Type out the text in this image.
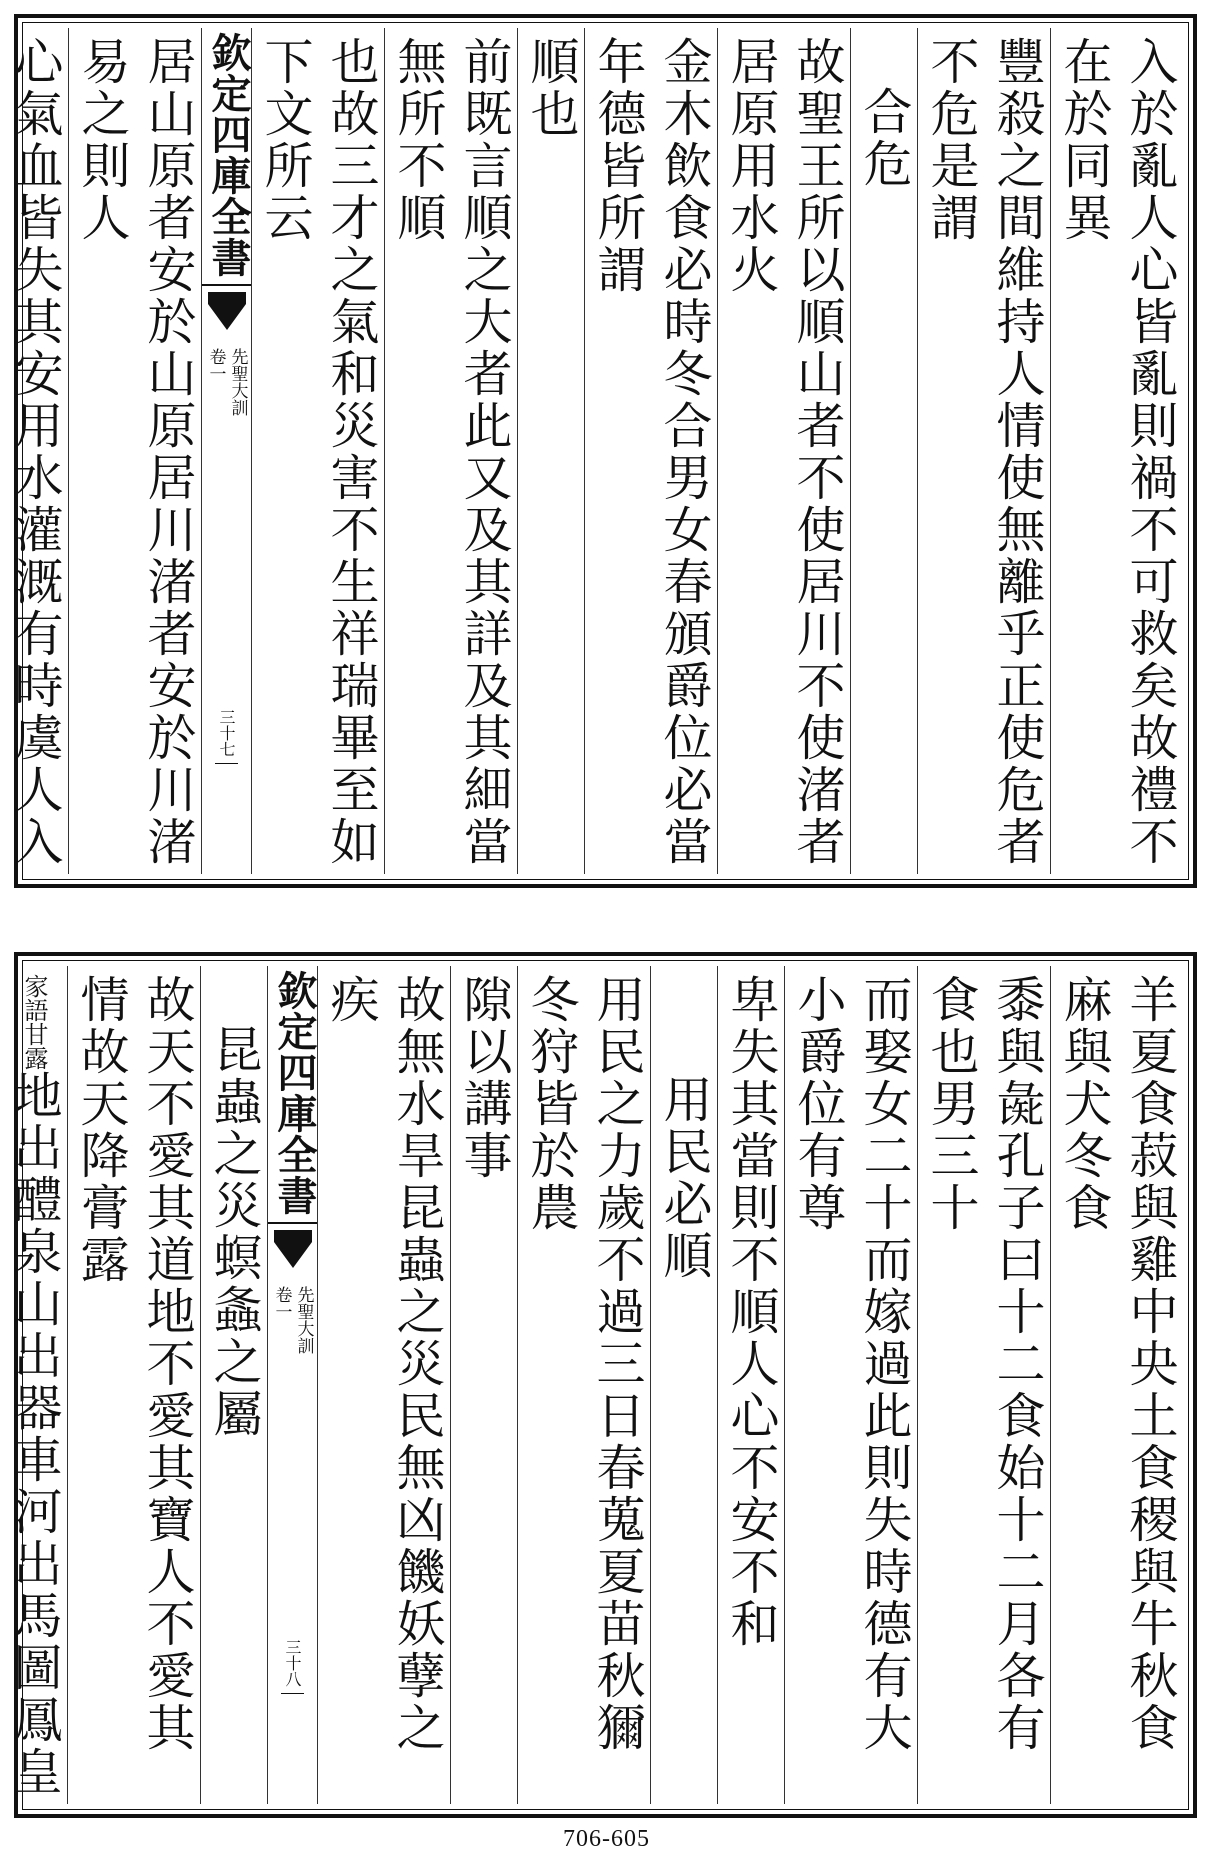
入於亂人心皆亂則禍不可救矣故禮不在於同異
豐殺之間維持人情使無離乎正使危者不危是謂
合危
故聖王所以順山者不使居川不使渚者居原用水火
金木飲食必時冬合男女春頒爵位必當年德皆所謂
順也
前既言順之大者此又及其詳及其細當無所不順
也故三才之氣和災害不生祥瑞畢至如下文所云
欽定四庫全書
先聖大訓
卷一
三十七
居山原者安於山原居川渚者安於川渚易之則人
心氣血皆失其安用水灌溉有時虞人入
羊夏食菽與雞中央土食稷與牛秋食麻與犬冬食
黍與彘孔子曰十二食始十二月各有食也男三十
而娶女二十而嫁過此則失時德有大小爵位有尊
卑失其當則不順人心不安不和
用民必順
用民之力歲不過三日春蒐夏苗秋獮冬狩皆於農
隙以講事
故無水旱昆蟲之災民無凶饑妖孽之疾
欽定四庫全書
先聖大訓
卷一
三十八
昆蟲之災螟螽之屬
故天不愛其道地不愛其寶人不愛其情故天降膏露
家語甘露地出醴泉山出器車河出馬圖鳳皇
706-605
